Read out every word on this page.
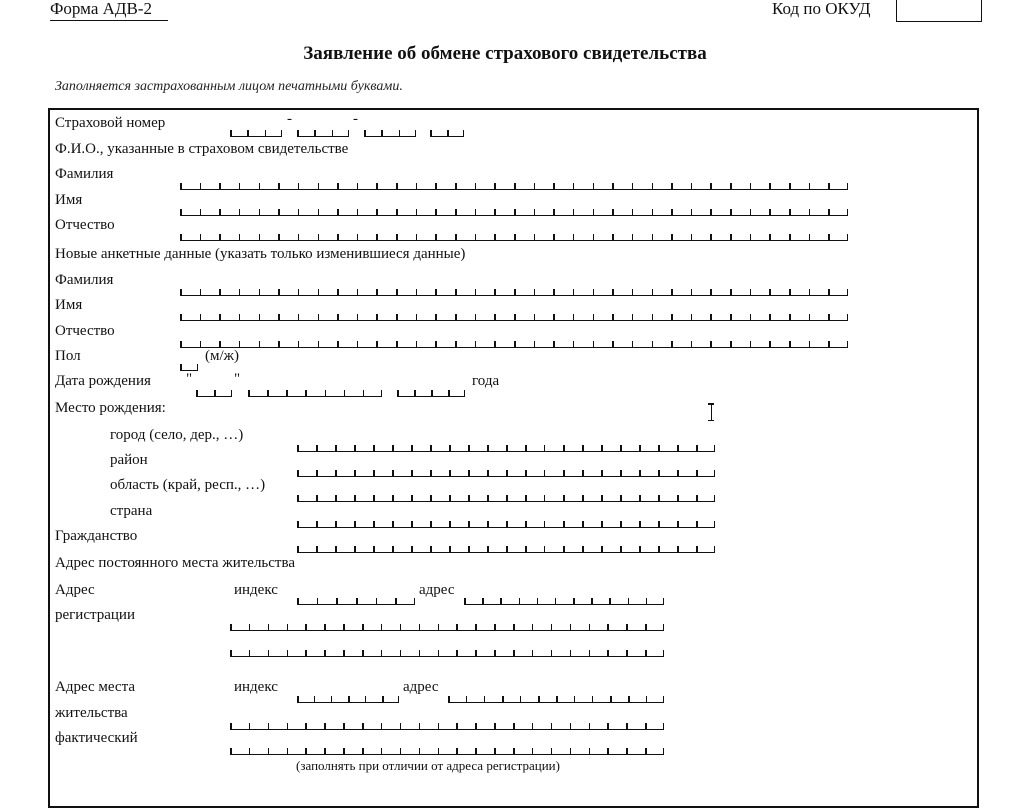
Форма АДВ-2	Код по ОКУД
Заявление об обмене страхового свидетельства
Заполняется застрахованным лицом печатными буквами.
Страховой номер	-	-
Ф.И.О., указанные в страховом свидетельстве
Фамилия
Имя
Отчество
Новые анкетные данные (указать только изменившиеся данные)
Фамилия
Имя
Отчество
Пол	(м/ж)
Дата рождения "	"	года
Место рождения:
город (село, дер., …)
район
область (край, респ., …)
страна
Гражданство
Адрес постоянного места жительства
Адрес
регистрации
индекс	адрес
Адрес места
жительства
фактический
индекс	адрес
(заполнять при отличии от адреса регистрации)
